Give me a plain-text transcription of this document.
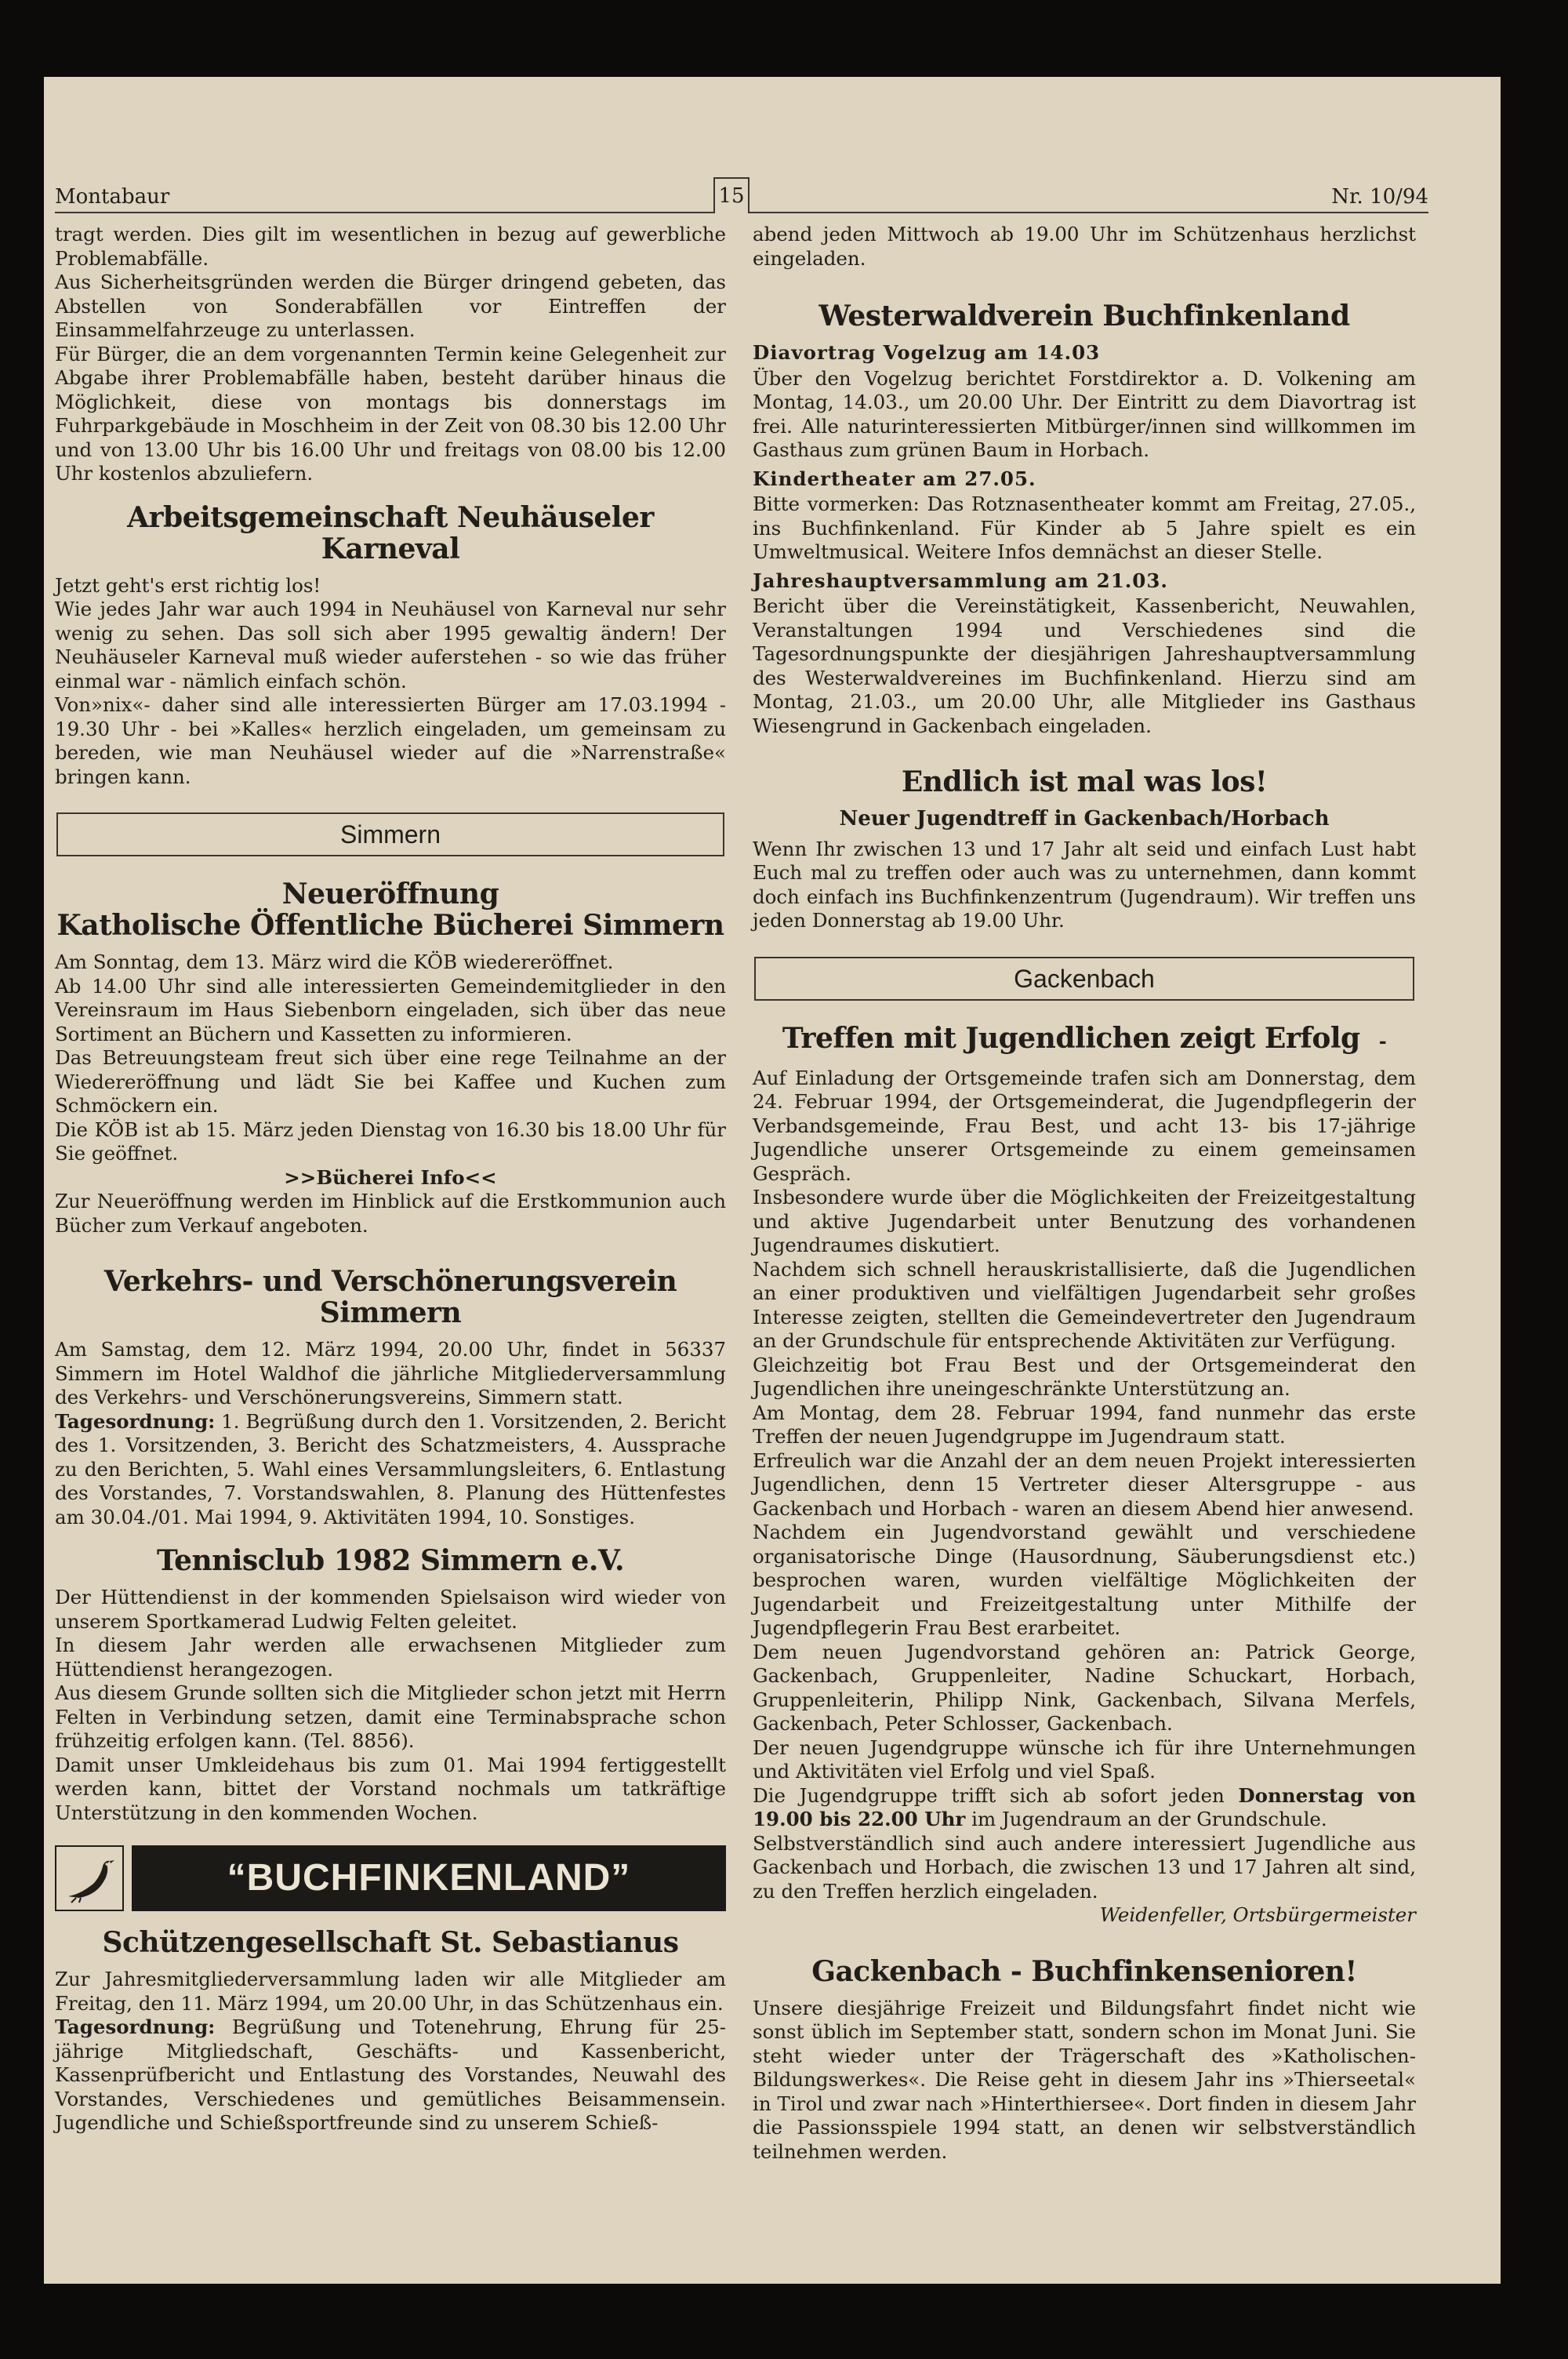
Montabaur	15	Nr. 10/94

tragt werden. Dies gilt im wesentlichen in bezug auf gewerbliche Problemabfälle.

Aus Sicherheitsgründen werden die Bürger dringend gebeten, das Abstellen von Sonderabfällen vor Eintreffen der Einsammelfahrzeuge zu unterlassen.

Für Bürger, die an dem vorgenannten Termin keine Gelegenheit zur Abgabe ihrer Problemabfälle haben, besteht darüber hinaus die Möglichkeit, diese von montags bis donnerstags im Fuhrparkgebäude in Moschheim in der Zeit von 08.30 bis 12.00 Uhr und von 13.00 Uhr bis 16.00 Uhr und freitags von 08.00 bis 12.00 Uhr kostenlos abzuliefern.

Arbeitsgemeinschaft Neuhäuseler Karneval

Jetzt geht's erst richtig los!

Wie jedes Jahr war auch 1994 in Neuhäusel von Karneval nur sehr wenig zu sehen. Das soll sich aber 1995 gewaltig ändern! Der Neuhäuseler Karneval muß wieder auferstehen - so wie das früher einmal war - nämlich einfach schön.

Von»nix«- daher sind alle interessierten Bürger am 17.03.1994 - 19.30 Uhr - bei »Kalles« herzlich eingeladen, um gemeinsam zu bereden, wie man Neuhäusel wieder auf die »Narrenstraße« bringen kann.

Simmern
Neueröffnung
Katholische Öffentliche Bücherei Simmern

Am Sonntag, dem 13. März wird die KÖB wiedereröffnet.

Ab 14.00 Uhr sind alle interessierten Gemeindemitglieder in den Vereinsraum im Haus Siebenborn eingeladen, sich über das neue Sortiment an Büchern und Kassetten zu informieren.

Das Betreuungsteam freut sich über eine rege Teilnahme an der Wiedereröffnung und lädt Sie bei Kaffee und Kuchen zum Schmöckern ein.

Die KÖB ist ab 15. März jeden Dienstag von 16.30 bis 18.00 Uhr für Sie geöffnet.

>>Bücherei Info<<

Zur Neueröffnung werden im Hinblick auf die Erstkommunion auch Bücher zum Verkauf angeboten.

Verkehrs- und Verschönerungsverein
Simmern

Am Samstag, dem 12. März 1994, 20.00 Uhr, findet in 56337 Simmern im Hotel Waldhof die jährliche Mitgliederversammlung des Verkehrs- und Verschönerungsvereins, Simmern statt.

Tagesordnung: 1. Begrüßung durch den 1. Vorsitzenden, 2. Bericht des 1. Vorsitzenden, 3. Bericht des Schatzmeisters, 4. Aussprache zu den Berichten, 5. Wahl eines Versammlungsleiters, 6. Entlastung des Vorstandes, 7. Vorstandswahlen, 8. Planung des Hüttenfestes am 30.04./01. Mai 1994, 9. Aktivitäten 1994, 10. Sonstiges.

Tennisclub 1982 Simmern e.V.

Der Hüttendienst in der kommenden Spielsaison wird wieder von unserem Sportkamerad Ludwig Felten geleitet.

In diesem Jahr werden alle erwachsenen Mitglieder zum Hüttendienst herangezogen.

Aus diesem Grunde sollten sich die Mitglieder schon jetzt mit Herrn Felten in Verbindung setzen, damit eine Terminabsprache schon frühzeitig erfolgen kann. (Tel. 8856).

Damit unser Umkleidehaus bis zum 01. Mai 1994 fertiggestellt werden kann, bittet der Vorstand nochmals um tatkräftige Unterstützung in den kommenden Wochen.

“BUCHFINKENLAND”
Schützengesellschaft St. Sebastianus

Zur Jahresmitgliederversammlung laden wir alle Mitglieder am Freitag, den 11. März 1994, um 20.00 Uhr, in das Schützenhaus ein.

Tagesordnung: Begrüßung und Totenehrung, Ehrung für 25-jährige Mitgliedschaft, Geschäfts- und Kassenbericht, Kassenprüfbericht und Entlastung des Vorstandes, Neuwahl des Vorstandes, Verschiedenes und gemütliches Beisammensein. Jugendliche und Schießsportfreunde sind zu unserem Schieß-

abend jeden Mittwoch ab 19.00 Uhr im Schützenhaus herzlichst eingeladen.

Westerwaldverein Buchfinkenland

Diavortrag Vogelzug am 14.03

Über den Vogelzug berichtet Forstdirektor a. D. Volkening am Montag, 14.03., um 20.00 Uhr. Der Eintritt zu dem Diavortrag ist frei. Alle naturinteressierten Mitbürger/innen sind willkommen im Gasthaus zum grünen Baum in Horbach.

Kindertheater am 27.05.

Bitte vormerken: Das Rotznasentheater kommt am Freitag, 27.05., ins Buchfinkenland. Für Kinder ab 5 Jahre spielt es ein Umweltmusical. Weitere Infos demnächst an dieser Stelle.

Jahreshauptversammlung am 21.03.

Bericht über die Vereinstätigkeit, Kassenbericht, Neuwahlen, Veranstaltungen 1994 und Verschiedenes sind die Tagesordnungspunkte der diesjährigen Jahreshauptversammlung des Westerwaldvereines im Buchfinkenland. Hierzu sind am Montag, 21.03., um 20.00 Uhr, alle Mitglieder ins Gasthaus Wiesengrund in Gackenbach eingeladen.

Endlich ist mal was los!

Neuer Jugendtreff in Gackenbach/Horbach

Wenn Ihr zwischen 13 und 17 Jahr alt seid und einfach Lust habt Euch mal zu treffen oder auch was zu unternehmen, dann kommt doch einfach ins Buchfinkenzentrum (Jugendraum). Wir treffen uns jeden Donnerstag ab 19.00 Uhr.

Gackenbach
Treffen mit Jugendlichen zeigt Erfolg -

Auf Einladung der Ortsgemeinde trafen sich am Donnerstag, dem 24. Februar 1994, der Ortsgemeinderat, die Jugendpflegerin der Verbandsgemeinde, Frau Best, und acht 13- bis 17-jährige Jugendliche unserer Ortsgemeinde zu einem gemeinsamen Gespräch.

Insbesondere wurde über die Möglichkeiten der Freizeitgestaltung und aktive Jugendarbeit unter Benutzung des vorhandenen Jugendraumes diskutiert.

Nachdem sich schnell herauskristallisierte, daß die Jugendlichen an einer produktiven und vielfältigen Jugendarbeit sehr großes Interesse zeigten, stellten die Gemeindevertreter den Jugendraum an der Grundschule für entsprechende Aktivitäten zur Verfügung.

Gleichzeitig bot Frau Best und der Ortsgemeinderat den Jugendlichen ihre uneingeschränkte Unterstützung an.

Am Montag, dem 28. Februar 1994, fand nunmehr das erste Treffen der neuen Jugendgruppe im Jugendraum statt.

Erfreulich war die Anzahl der an dem neuen Projekt interessierten Jugendlichen, denn 15 Vertreter dieser Altersgruppe - aus Gackenbach und Horbach - waren an diesem Abend hier anwesend.

Nachdem ein Jugendvorstand gewählt und verschiedene organisatorische Dinge (Hausordnung, Säuberungsdienst etc.) besprochen waren, wurden vielfältige Möglichkeiten der Jugendarbeit und Freizeitgestaltung unter Mithilfe der Jugendpflegerin Frau Best erarbeitet.

Dem neuen Jugendvorstand gehören an: Patrick George, Gackenbach, Gruppenleiter, Nadine Schuckart, Horbach, Gruppenleiterin, Philipp Nink, Gackenbach, Silvana Merfels, Gackenbach, Peter Schlosser, Gackenbach.

Der neuen Jugendgruppe wünsche ich für ihre Unternehmungen und Aktivitäten viel Erfolg und viel Spaß.

Die Jugendgruppe trifft sich ab sofort jeden Donnerstag von 19.00 bis 22.00 Uhr im Jugendraum an der Grundschule.

Selbstverständlich sind auch andere interessiert Jugendliche aus Gackenbach und Horbach, die zwischen 13 und 17 Jahren alt sind, zu den Treffen herzlich eingeladen.

Weidenfeller, Ortsbürgermeister

Gackenbach - Buchfinkensenioren!

Unsere diesjährige Freizeit und Bildungsfahrt findet nicht wie sonst üblich im September statt, sondern schon im Monat Juni. Sie steht wieder unter der Trägerschaft des »Katholischen-Bildungswerkes«. Die Reise geht in diesem Jahr ins »Thierseetal« in Tirol und zwar nach »Hinterthiersee«. Dort finden in diesem Jahr die Passionsspiele 1994 statt, an denen wir selbstverständlich teilnehmen werden.
